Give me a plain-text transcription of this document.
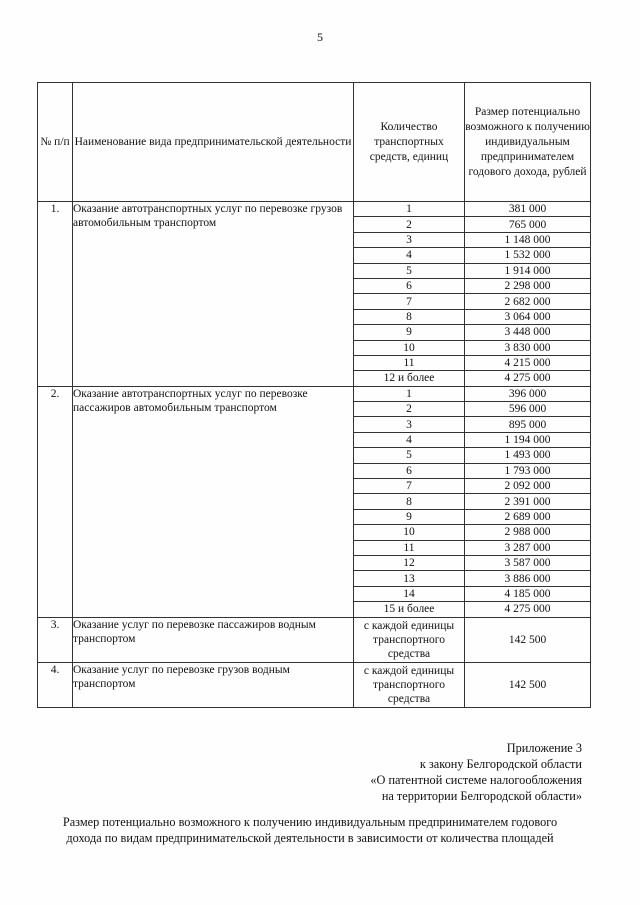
5
№ п/п	Наименование вида предпринимательской деятельности	Количество транспортных средств, единиц	Размер потенциально возможного к получению индивидуальным предпринимателем годового дохода, рублей
1.	Оказание автотранспортных услуг по перевозке грузов автомобильным транспортом	1	381 000
		2	765 000
		3	1 148 000
		4	1 532 000
		5	1 914 000
		6	2 298 000
		7	2 682 000
		8	3 064 000
		9	3 448 000
		10	3 830 000
		11	4 215 000
		12 и более	4 275 000
2.	Оказание автотранспортных услуг по перевозке пассажиров автомобильным транспортом	1	396 000
		2	596 000
		3	895 000
		4	1 194 000
		5	1 493 000
		6	1 793 000
		7	2 092 000
		8	2 391 000
		9	2 689 000
		10	2 988 000
		11	3 287 000
		12	3 587 000
		13	3 886 000
		14	4 185 000
		15 и более	4 275 000
3.	Оказание услуг по перевозке пассажиров водным транспортом	с каждой единицы транспортного средства	142 500
4.	Оказание услуг по перевозке грузов водным транспортом	с каждой единицы транспортного средства	142 500
Приложение 3
к закону Белгородской области
«О патентной системе налогообложения
на территории Белгородской области»
Размер потенциально возможного к получению индивидуальным предпринимателем годового
дохода по видам предпринимательской деятельности в зависимости от количества площадей
